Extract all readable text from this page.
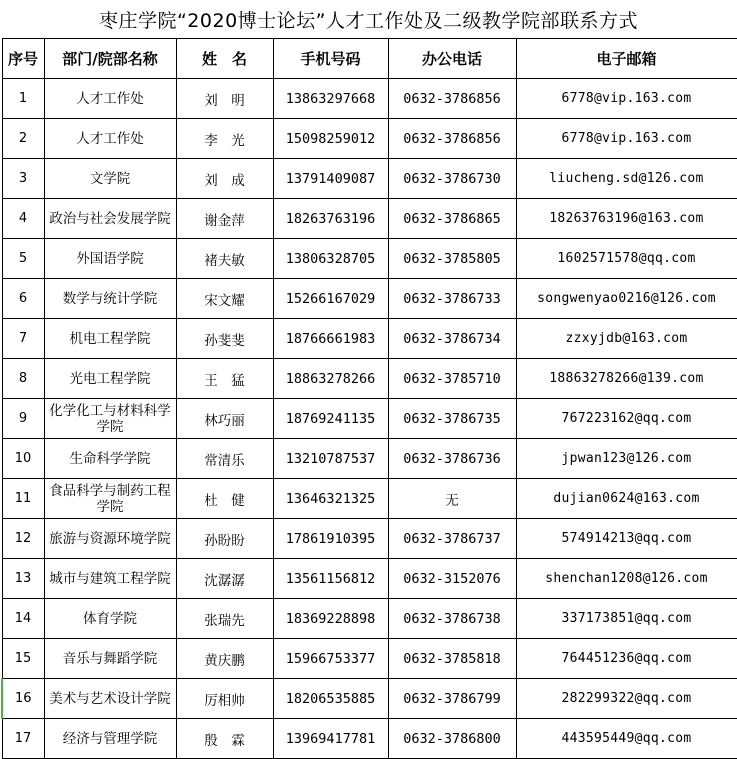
枣庄学院“2020博士论坛”人才工作处及二级教学院部联系方式
序号	部门/院部名称	姓　名	手机号码	办公电话	电子邮箱
1	人才工作处	刘　明	13863297668	0632-3786856	6778@vip.163.com
2	人才工作处	李　光	15098259012	0632-3786856	6778@vip.163.com
3	文学院	刘　成	13791409087	0632-3786730	liucheng.sd@126.com
4	政治与社会发展学院	谢金萍	18263763196	0632-3786865	18263763196@163.com
5	外国语学院	褚夫敏	13806328705	0632-3785805	1602571578@qq.com
6	数学与统计学院	宋文耀	15266167029	0632-3786733	songwenyao0216@126.com
7	机电工程学院	孙斐斐	18766661983	0632-3786734	zzxyjdb@163.com
8	光电工程学院	王　猛	18863278266	0632-3785710	18863278266@139.com
9	化学化工与材料科学学院	林巧丽	18769241135	0632-3786735	767223162@qq.com
10	生命科学学院	常清乐	13210787537	0632-3786736	jpwan123@126.com
11	食品科学与制药工程学院	杜　健	13646321325	无	dujian0624@163.com
12	旅游与资源环境学院	孙盼盼	17861910395	0632-3786737	574914213@qq.com
13	城市与建筑工程学院	沈潺潺	13561156812	0632-3152076	shenchan1208@126.com
14	体育学院	张瑞先	18369228898	0632-3786738	337173851@qq.com
15	音乐与舞蹈学院	黄庆鹏	15966753377	0632-3785818	764451236@qq.com
16	美术与艺术设计学院	厉相帅	18206535885	0632-3786799	282299322@qq.com
17	经济与管理学院	殷　霖	13969417781	0632-3786800	443595449@qq.com
